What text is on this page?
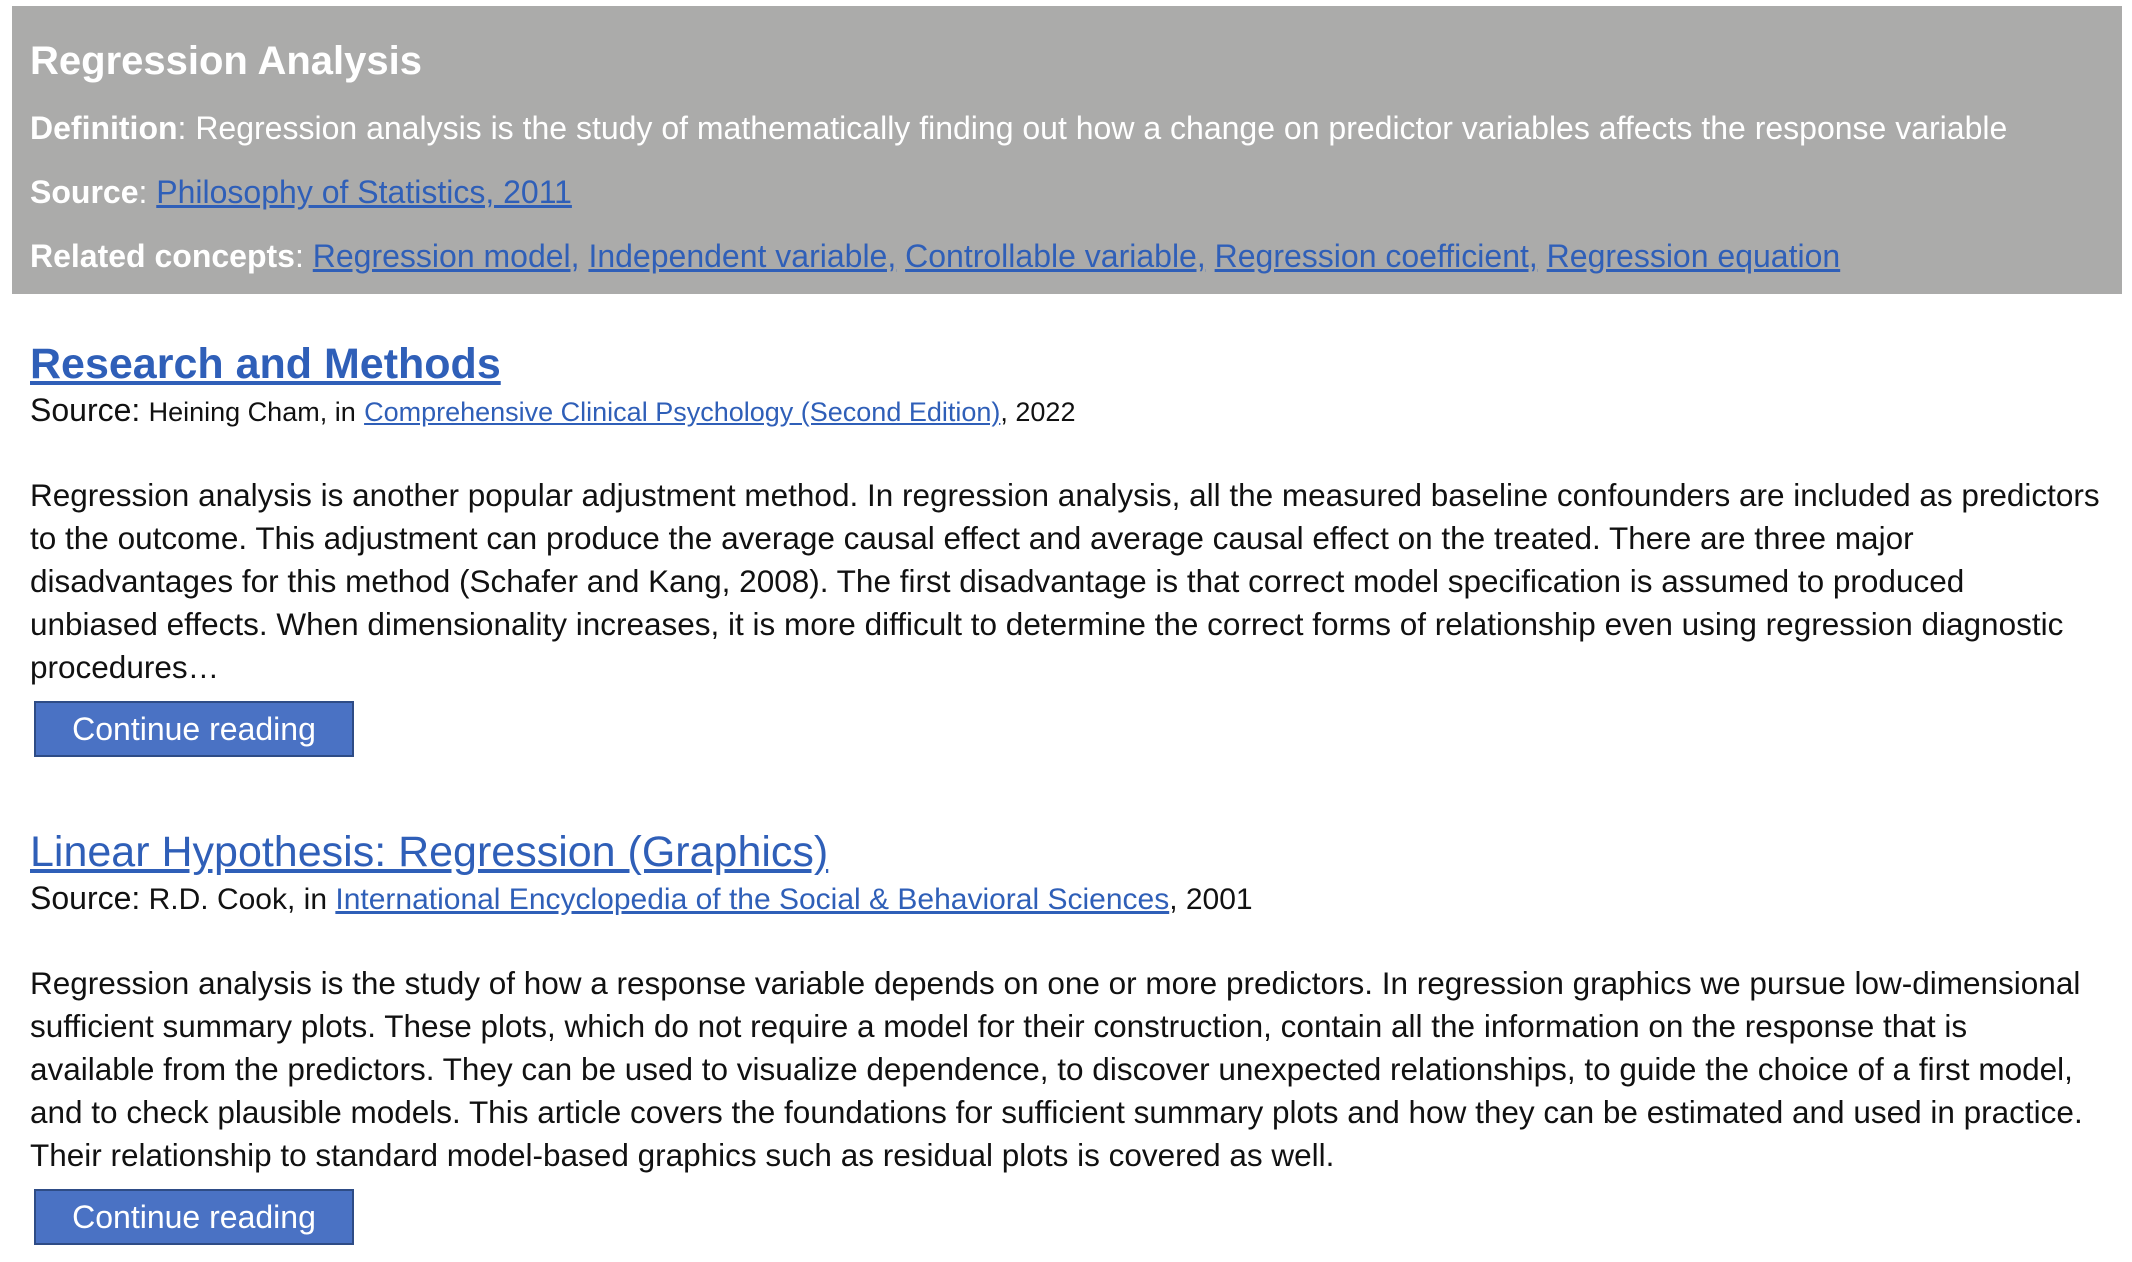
Regression Analysis
Definition: Regression analysis is the study of mathematically finding out how a change on predictor variables affects the response variable
Source: Philosophy of Statistics, 2011
Related concepts: Regression model, Independent variable, Controllable variable, Regression coefficient, Regression equation
Research and Methods
Source: Heining Cham, in Comprehensive Clinical Psychology (Second Edition), 2022
Regression analysis is another popular adjustment method. In regression analysis, all the measured baseline confounders are included as predictors to the outcome. This adjustment can produce the average causal effect and average causal effect on the treated. There are three major disadvantages for this method (Schafer and Kang, 2008). The first disadvantage is that correct model specification is assumed to produced unbiased effects. When dimensionality increases, it is more difficult to determine the correct forms of relationship even using regression diagnostic procedures…
Continue reading
Linear Hypothesis: Regression (Graphics)
Source: R.D. Cook, in International Encyclopedia of the Social & Behavioral Sciences, 2001
Regression analysis is the study of how a response variable depends on one or more predictors. In regression graphics we pursue low-dimensional sufficient summary plots. These plots, which do not require a model for their construction, contain all the information on the response that is available from the predictors. They can be used to visualize dependence, to discover unexpected relationships, to guide the choice of a first model, and to check plausible models. This article covers the foundations for sufficient summary plots and how they can be estimated and used in practice. Their relationship to standard model-based graphics such as residual plots is covered as well.
Continue reading
